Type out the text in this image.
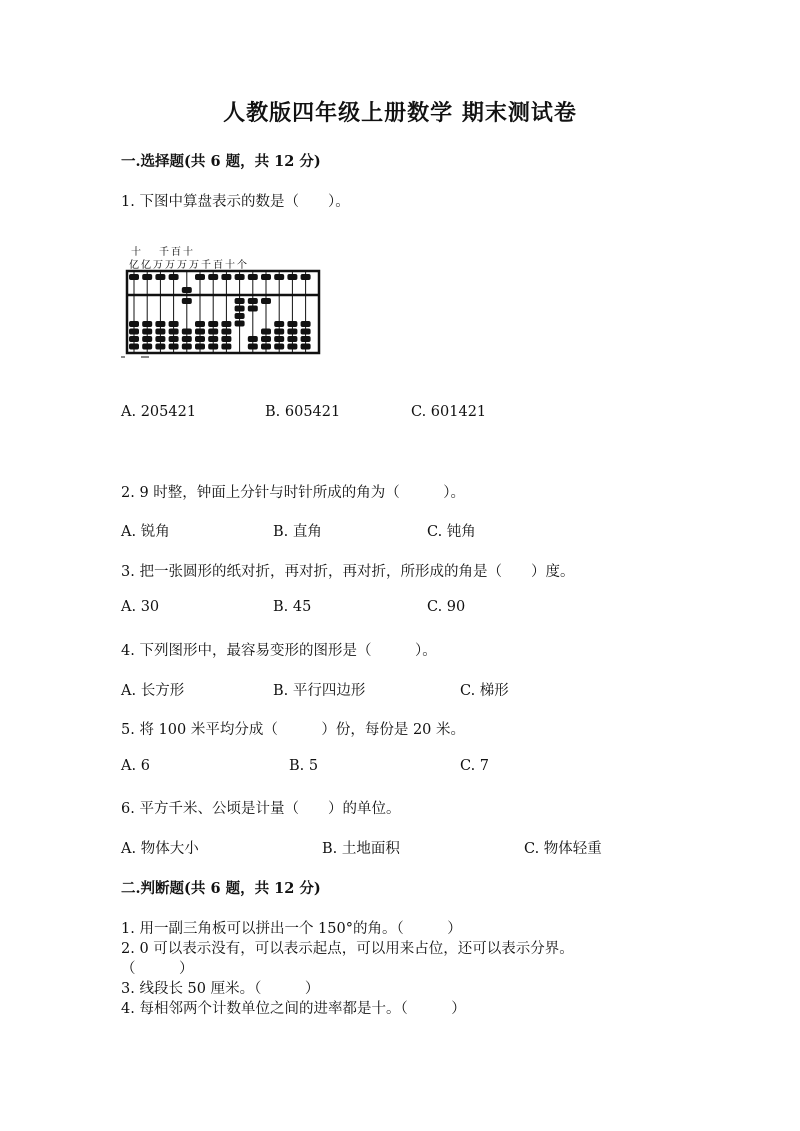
人教版四年级上册数学 期末测试卷
一.选择题(共 6 题，共 12 分)
1. 下图中算盘表示的数是（　　）。
十 千 百 十
亿 亿 万 万 万 万 千 百 十 个
A. 205421	B. 605421	C. 601421
2. 9 时整，钟面上分针与时针所成的角为（　　　）。
A. 锐角	B. 直角	C. 钝角
3. 把一张圆形的纸对折，再对折，再对折，所形成的角是（　　）度。
A. 30	B. 45	C. 90
4. 下列图形中，最容易变形的图形是（　　　）。
A. 长方形	B. 平行四边形	C. 梯形
5. 将 100 米平均分成（　　　）份，每份是 20 米。
A. 6	B. 5	C. 7
6. 平方千米、公顷是计量（　　）的单位。
A. 物体大小	B. 土地面积	C. 物体轻重
二.判断题(共 6 题，共 12 分)
1. 用一副三角板可以拼出一个 150°的角。（　　　）
2. 0 可以表示没有，可以表示起点，可以用来占位，还可以表示分界。
（　　　）
3. 线段长 50 厘米。（　　　）
4. 每相邻两个计数单位之间的进率都是十。（　　　）
